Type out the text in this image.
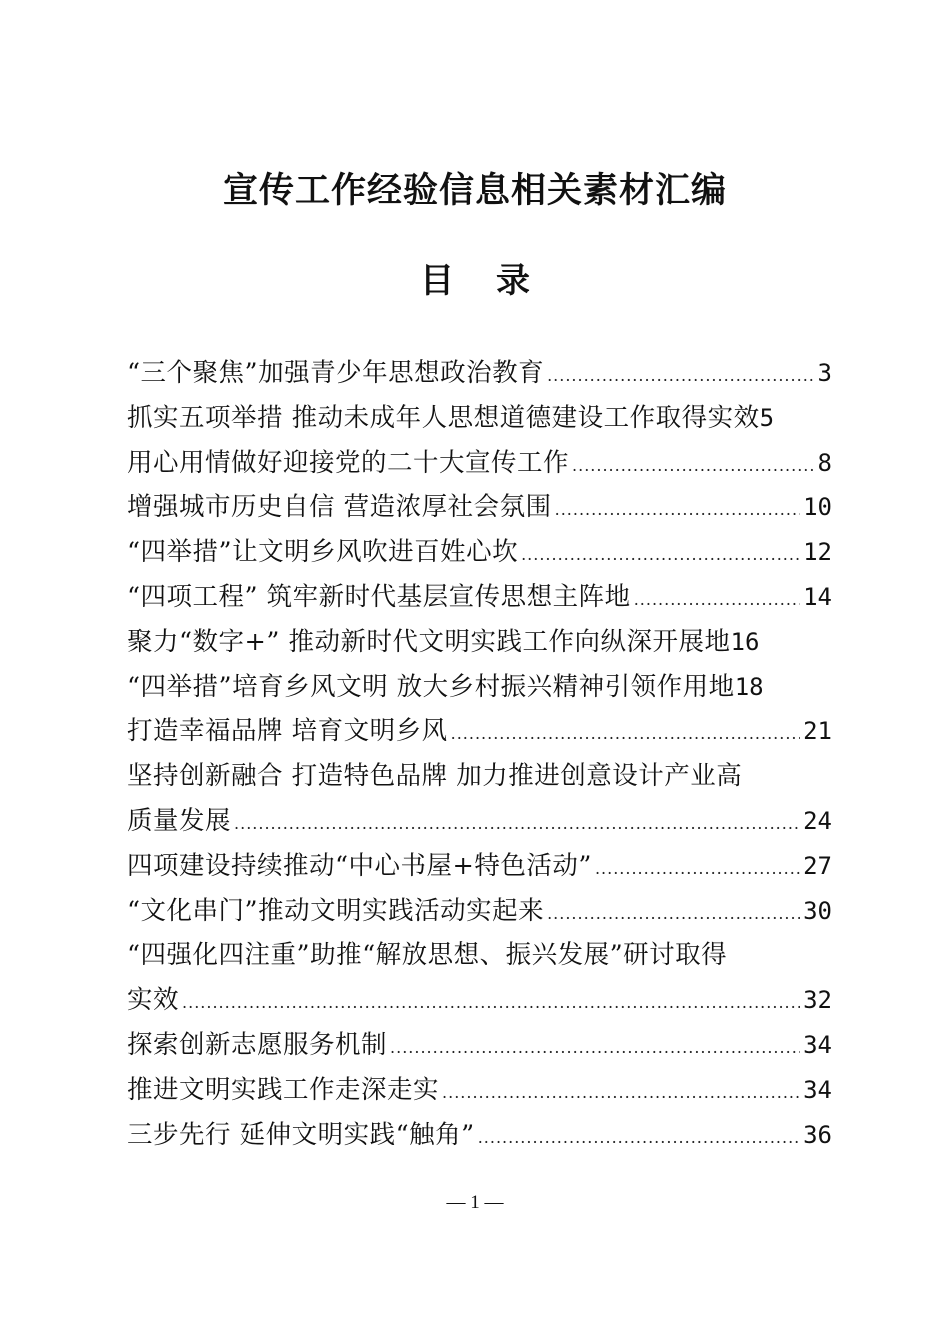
宣传工作经验信息相关素材汇编
目 录
“三个聚焦”加强青少年思想政治教育 .....	3
抓实五项举措 推动未成年人思想道德建设工作取得实效 5
用心用情做好迎接党的二十大宣传工作 .....	8
增强城市历史自信 营造浓厚社会氛围 .....	10
“四举措”让文明乡风吹进百姓心坎 .....	12
“四项工程” 筑牢新时代基层宣传思想主阵地 .....	14
聚力“数字+” 推动新时代文明实践工作向纵深开展地 16
“四举措”培育乡风文明 放大乡村振兴精神引领作用地 18
打造幸福品牌 培育文明乡风 .....	21
坚持创新融合 打造特色品牌 加力推进创意设计产业高
质量发展 .....	24
四项建设持续推动“中心书屋+特色活动” .....	27
“文化串门”推动文明实践活动实起来 .....	30
“四强化四注重”助推“解放思想、振兴发展”研讨取得
实效 .....	32
探索创新志愿服务机制 .....	34
推进文明实践工作走深走实 .....	34
三步先行 延伸文明实践“触角” .....	36
— 1 —
